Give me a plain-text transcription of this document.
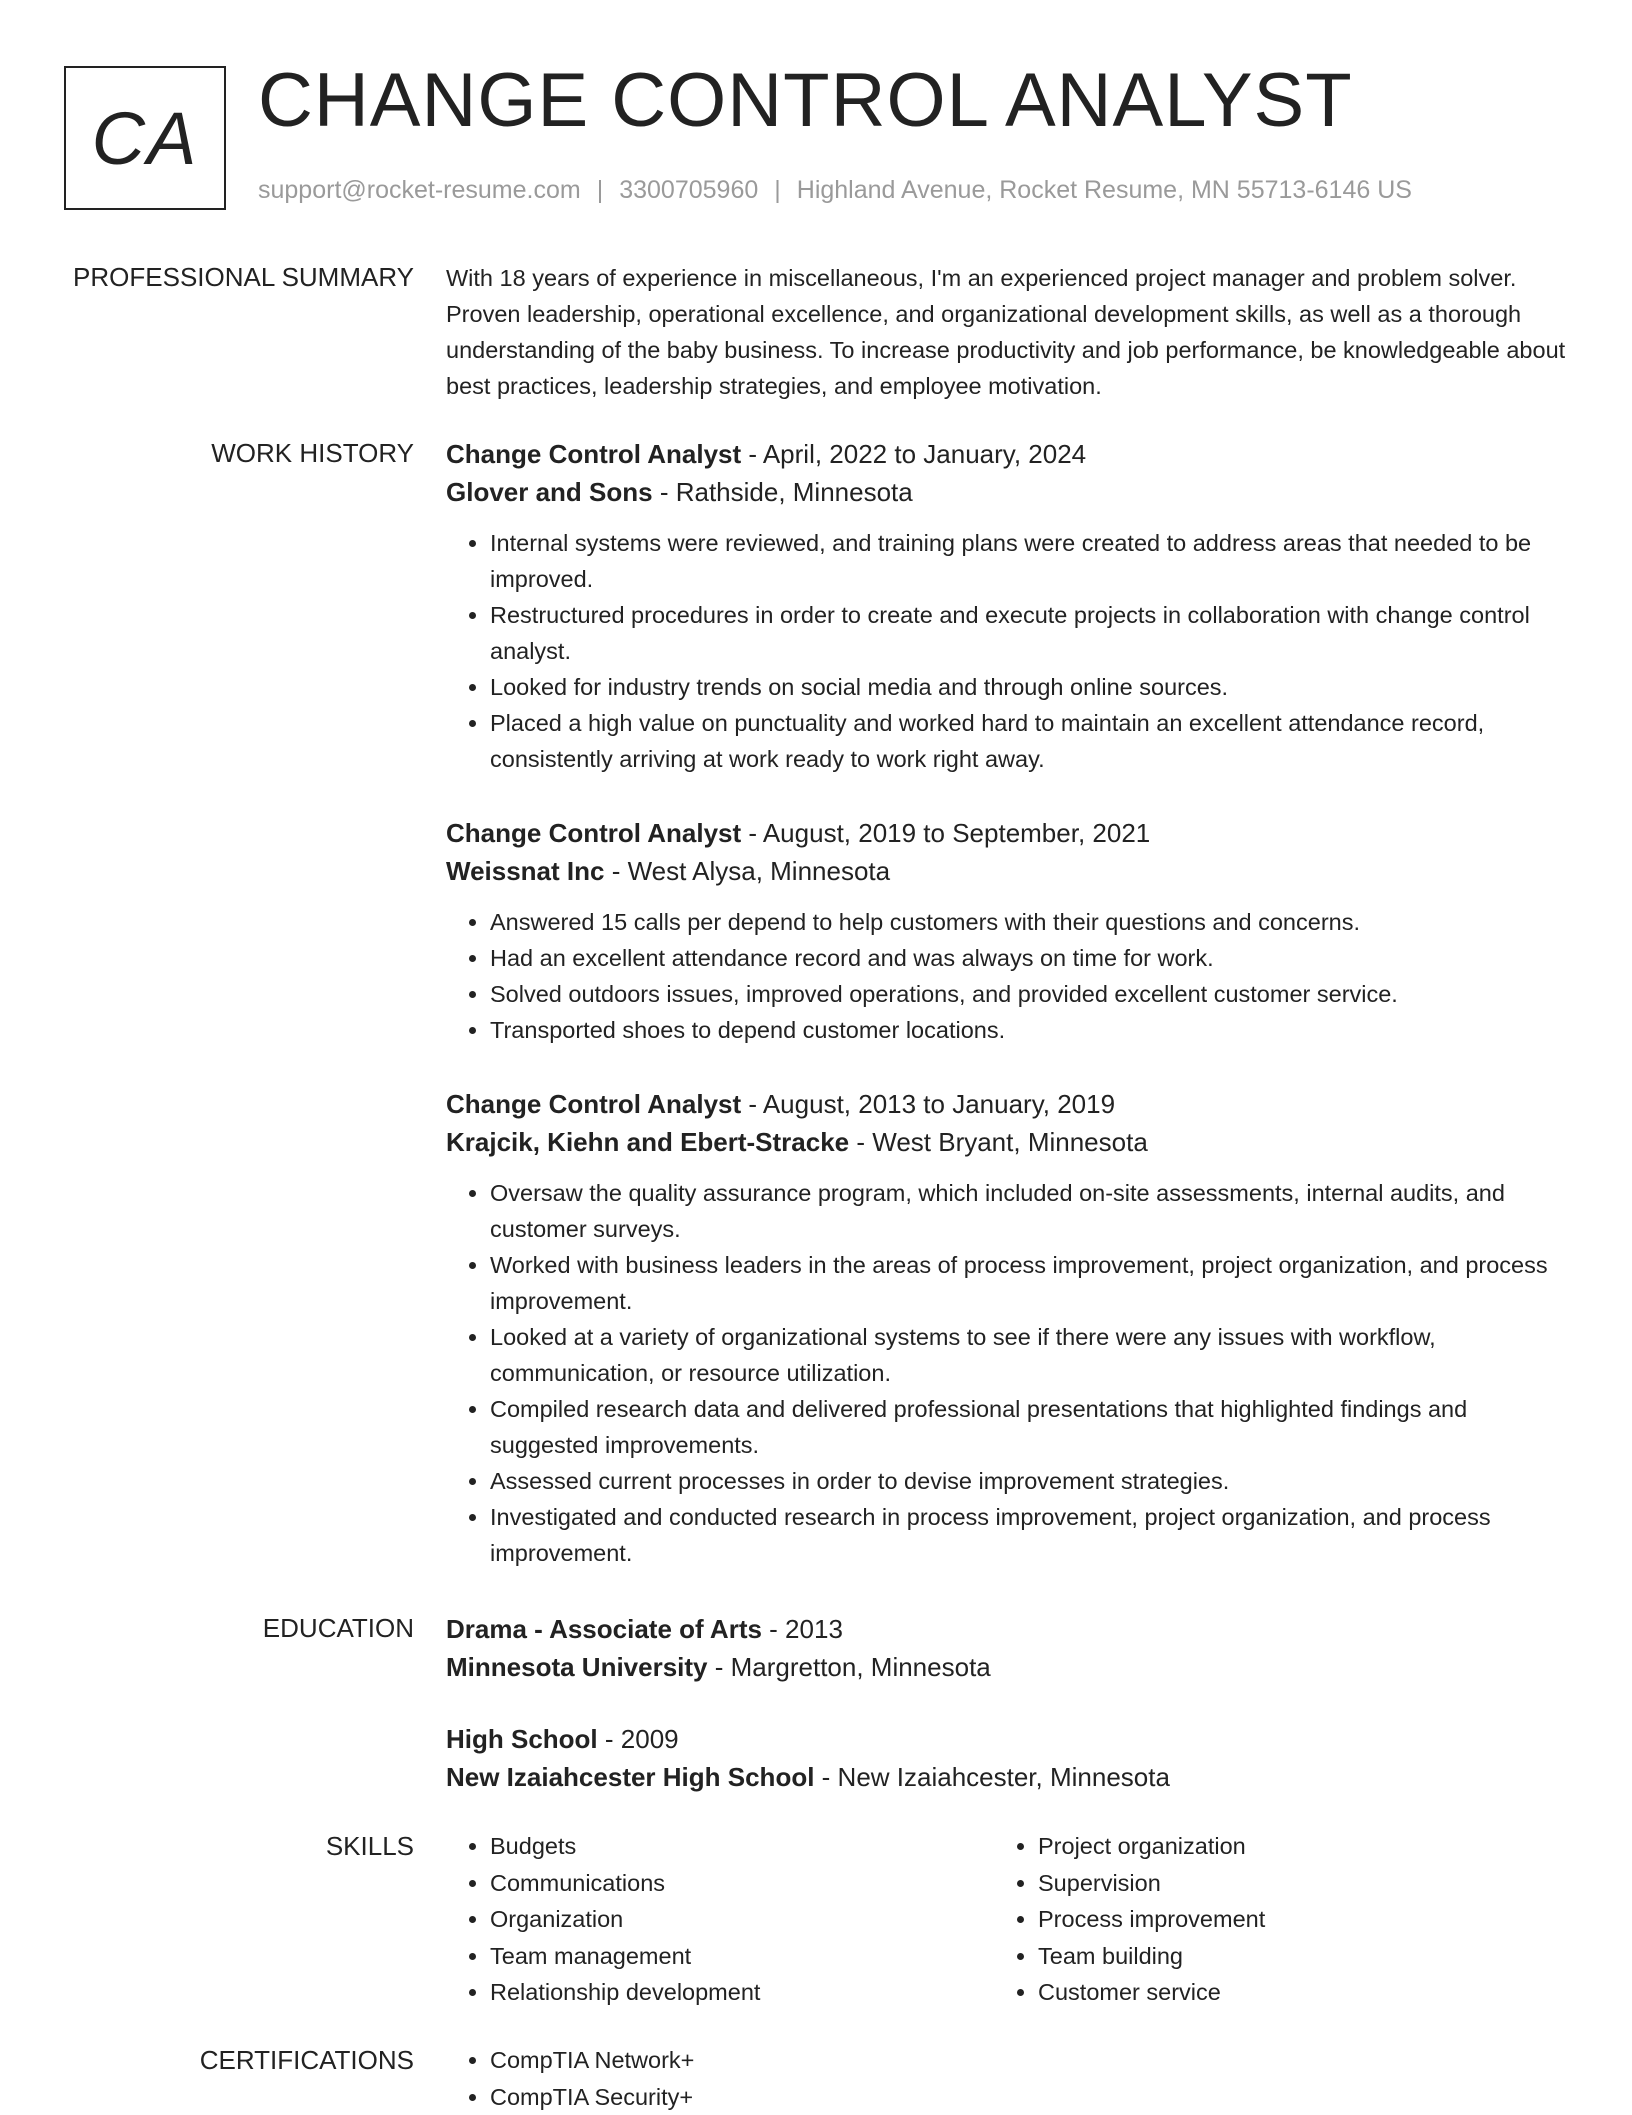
CA CHANGE CONTROL ANALYST
support@rocket-resume.com | 3300705960 | Highland Avenue, Rocket Resume, MN 55713-6146 US
PROFESSIONAL SUMMARY With 18 years of experience in miscellaneous, I'm an experienced project manager and problem solver. Proven leadership, operational excellence, and organizational development skills, as well as a thorough understanding of the baby business. To increase productivity and job performance, be knowledgeable about best practices, leadership strategies, and employee motivation.
WORK HISTORY Change Control Analyst - April, 2022 to January, 2024
Glover and Sons - Rathside, Minnesota
• Internal systems were reviewed, and training plans were created to address areas that needed to be improved.
• Restructured procedures in order to create and execute projects in collaboration with change control analyst.
• Looked for industry trends on social media and through online sources.
• Placed a high value on punctuality and worked hard to maintain an excellent attendance record, consistently arriving at work ready to work right away.
Change Control Analyst - August, 2019 to September, 2021
Weissnat Inc - West Alysa, Minnesota
• Answered 15 calls per depend to help customers with their questions and concerns.
• Had an excellent attendance record and was always on time for work.
• Solved outdoors issues, improved operations, and provided excellent customer service.
• Transported shoes to depend customer locations.
Change Control Analyst - August, 2013 to January, 2019
Krajcik, Kiehn and Ebert-Stracke - West Bryant, Minnesota
• Oversaw the quality assurance program, which included on-site assessments, internal audits, and customer surveys.
• Worked with business leaders in the areas of process improvement, project organization, and process improvement.
• Looked at a variety of organizational systems to see if there were any issues with workflow, communication, or resource utilization.
• Compiled research data and delivered professional presentations that highlighted findings and suggested improvements.
• Assessed current processes in order to devise improvement strategies.
• Investigated and conducted research in process improvement, project organization, and process improvement.
EDUCATION Drama - Associate of Arts - 2013
Minnesota University - Margretton, Minnesota
High School - 2009
New Izaiahcester High School - New Izaiahcester, Minnesota
SKILLS	• Budgets
• Communications
• Organization
• Team management
• Relationship development
• Project organization
• Supervision
• Process improvement
• Team building
• Customer service
CERTIFICATIONS	• CompTIA Network+
• CompTIA Security+
